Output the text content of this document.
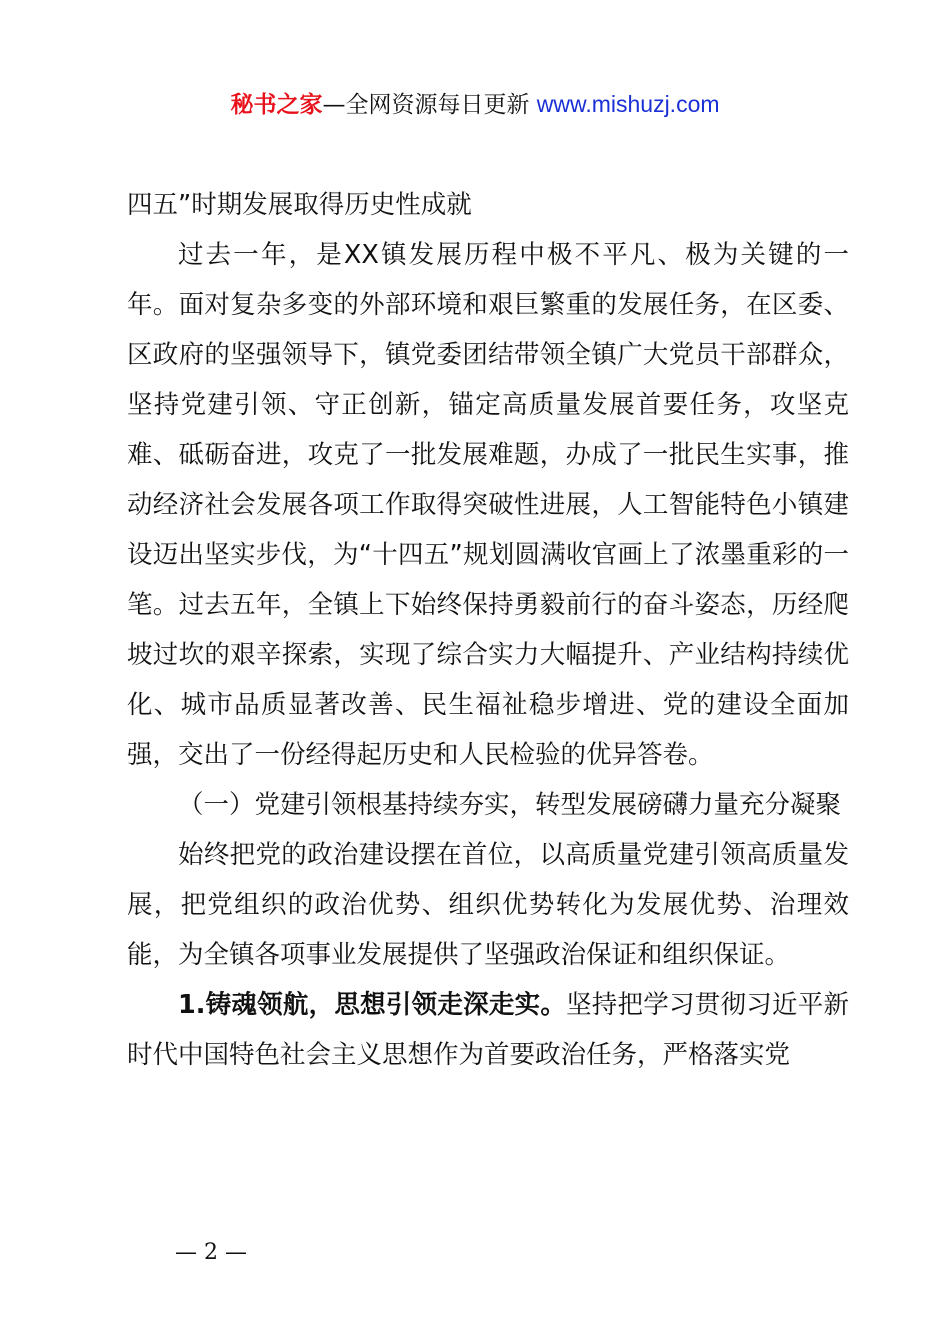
秘书之家—全网资源每日更新 www.mishuzj.com

四五”时期发展取得历史性成就

过去一年，是XX镇发展历程中极不平凡、极为关键的一年。面对复杂多变的外部环境和艰巨繁重的发展任务，在区委、区政府的坚强领导下，镇党委团结带领全镇广大党员干部群众，坚持党建引领、守正创新，锚定高质量发展首要任务，攻坚克难、砥砺奋进，攻克了一批发展难题，办成了一批民生实事，推动经济社会发展各项工作取得突破性进展，人工智能特色小镇建设迈出坚实步伐，为“十四五”规划圆满收官画上了浓墨重彩的一笔。过去五年，全镇上下始终保持勇毅前行的奋斗姿态，历经爬坡过坎的艰辛探索，实现了综合实力大幅提升、产业结构持续优化、城市品质显著改善、民生福祉稳步增进、党的建设全面加强，交出了一份经得起历史和人民检验的优异答卷。

（一）党建引领根基持续夯实，转型发展磅礴力量充分凝聚

始终把党的政治建设摆在首位，以高质量党建引领高质量发展，把党组织的政治优势、组织优势转化为发展优势、治理效能，为全镇各项事业发展提供了坚强政治保证和组织保证。

1.铸魂领航，思想引领走深走实。坚持把学习贯彻习近平新时代中国特色社会主义思想作为首要政治任务，严格落实党

— 2 —
